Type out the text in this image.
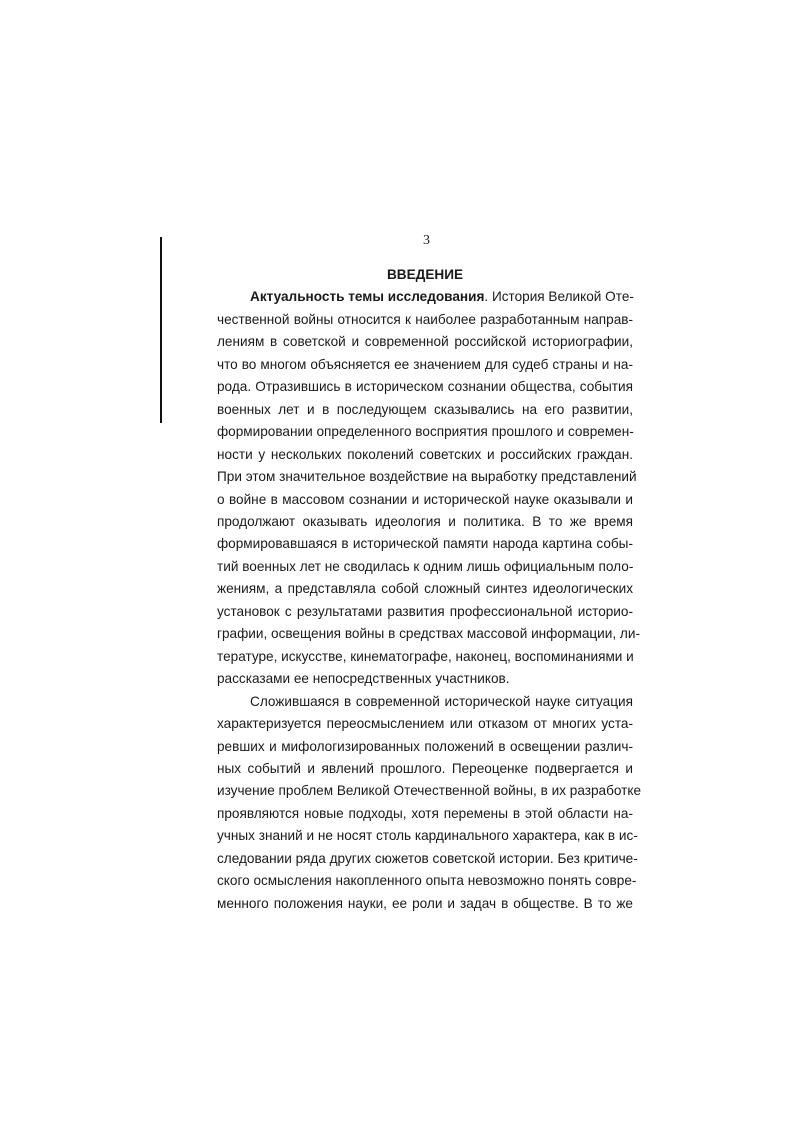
3
ВВЕДЕНИЕ
Актуальность темы исследования. История Великой Оте-
чественной войны относится к наиболее разработанным направ-
лениям в советской и современной российской историографии,
что во многом объясняется ее значением для судеб страны и на-
рода. Отразившись в историческом сознании общества, события
военных лет и в последующем сказывались на его развитии,
формировании определенного восприятия прошлого и современ-
ности у нескольких поколений советских и российских граждан.
При этом значительное воздействие на выработку представлений
о войне в массовом сознании и исторической науке оказывали и
продолжают оказывать идеология и политика. В то же время
формировавшаяся в исторической памяти народа картина собы-
тий военных лет не сводилась к одним лишь официальным поло-
жениям, а представляла собой сложный синтез идеологических
установок с результатами развития профессиональной историо-
графии, освещения войны в средствах массовой информации, ли-
тературе, искусстве, кинематографе, наконец, воспоминаниями и
рассказами ее непосредственных участников.
Сложившаяся в современной исторической науке ситуация
характеризуется переосмыслением или отказом от многих уста-
ревших и мифологизированных положений в освещении различ-
ных событий и явлений прошлого. Переоценке подвергается и
изучение проблем Великой Отечественной войны, в их разработке
проявляются новые подходы, хотя перемены в этой области на-
учных знаний и не носят столь кардинального характера, как в ис-
следовании ряда других сюжетов советской истории. Без критиче-
ского осмысления накопленного опыта невозможно понять совре-
менного положения науки, ее роли и задач в обществе. В то же
